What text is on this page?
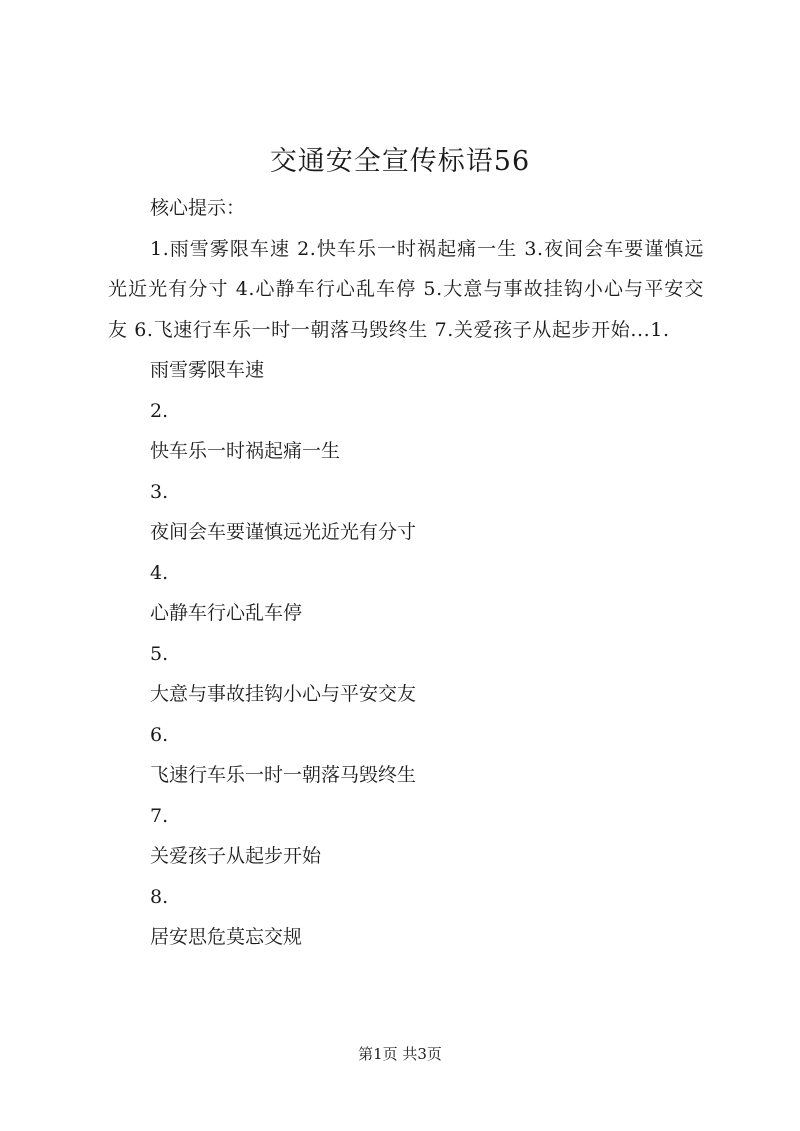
交通安全宣传标语56

核心提示：

1.雨雪雾限车速 2.快车乐一时祸起痛一生 3.夜间会车要谨慎远光近光有分寸 4.心静车行心乱车停 5.大意与事故挂钩小心与平安交友 6.飞速行车乐一时一朝落马毁终生 7.关爱孩子从起步开始...1.

雨雪雾限车速

2.

快车乐一时祸起痛一生

3.

夜间会车要谨慎远光近光有分寸

4.

心静车行心乱车停

5.

大意与事故挂钩小心与平安交友

6.

飞速行车乐一时一朝落马毁终生

7.

关爱孩子从起步开始

8.

居安思危莫忘交规

第1页 共3页
